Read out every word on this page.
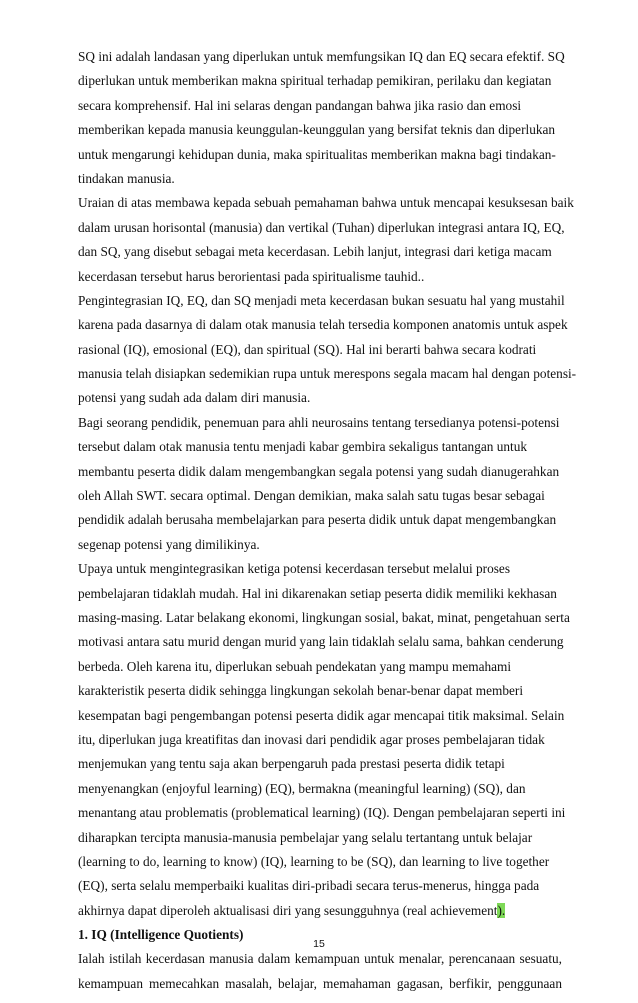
SQ ini adalah landasan yang diperlukan untuk memfungsikan IQ dan EQ secara efektif. SQ
diperlukan untuk memberikan makna spiritual terhadap pemikiran, perilaku dan kegiatan
secara komprehensif. Hal ini selaras dengan pandangan bahwa jika rasio dan emosi
memberikan kepada manusia keunggulan-keunggulan yang bersifat teknis dan diperlukan
untuk mengarungi kehidupan dunia, maka spiritualitas memberikan makna bagi tindakan-
tindakan manusia.
Uraian di atas membawa kepada sebuah pemahaman bahwa untuk mencapai kesuksesan baik
dalam urusan horisontal (manusia) dan vertikal (Tuhan) diperlukan integrasi antara IQ, EQ,
dan SQ, yang disebut sebagai meta kecerdasan. Lebih lanjut, integrasi dari ketiga macam
kecerdasan tersebut harus berorientasi pada spiritualisme tauhid..
Pengintegrasian IQ, EQ, dan SQ menjadi meta kecerdasan bukan sesuatu hal yang mustahil
karena pada dasarnya di dalam otak manusia telah tersedia komponen anatomis untuk aspek
rasional (IQ), emosional (EQ), dan spiritual (SQ). Hal ini berarti bahwa secara kodrati
manusia telah disiapkan sedemikian rupa untuk merespons segala macam hal dengan potensi-
potensi yang sudah ada dalam diri manusia.
Bagi seorang pendidik, penemuan para ahli neurosains tentang tersedianya potensi-potensi
tersebut dalam otak manusia tentu menjadi kabar gembira sekaligus tantangan untuk
membantu peserta didik dalam mengembangkan segala potensi yang sudah dianugerahkan
oleh Allah SWT. secara optimal. Dengan demikian, maka salah satu tugas besar sebagai
pendidik adalah berusaha membelajarkan para peserta didik untuk dapat mengembangkan
segenap potensi yang dimilikinya.
Upaya untuk mengintegrasikan ketiga potensi kecerdasan tersebut melalui proses
pembelajaran tidaklah mudah. Hal ini dikarenakan setiap peserta didik memiliki kekhasan
masing-masing. Latar belakang ekonomi, lingkungan sosial, bakat, minat, pengetahuan serta
motivasi antara satu murid dengan murid yang lain tidaklah selalu sama, bahkan cenderung
berbeda. Oleh karena itu, diperlukan sebuah pendekatan yang mampu memahami
karakteristik peserta didik sehingga lingkungan sekolah benar-benar dapat memberi
kesempatan bagi pengembangan potensi peserta didik agar mencapai titik maksimal. Selain
itu, diperlukan juga kreatifitas dan inovasi dari pendidik agar proses pembelajaran tidak
menjemukan yang tentu saja akan berpengaruh pada prestasi peserta didik tetapi
menyenangkan (enjoyful learning) (EQ), bermakna (meaningful learning) (SQ), dan
menantang atau problematis (problematical learning) (IQ). Dengan pembelajaran seperti ini
diharapkan tercipta manusia-manusia pembelajar yang selalu tertantang untuk belajar
(learning to do, learning to know) (IQ), learning to be (SQ), dan learning to live together
(EQ), serta selalu memperbaiki kualitas diri-pribadi secara terus-menerus, hingga pada
akhirnya dapat diperoleh aktualisasi diri yang sesungguhnya (real achievement).
1. IQ (Intelligence Quotients)
Ialah istilah kecerdasan manusia dalam kemampuan untuk menalar, perencanaan sesuatu,
kemampuan memecahkan masalah, belajar, memahaman gagasan, berfikir, penggunaan
15
